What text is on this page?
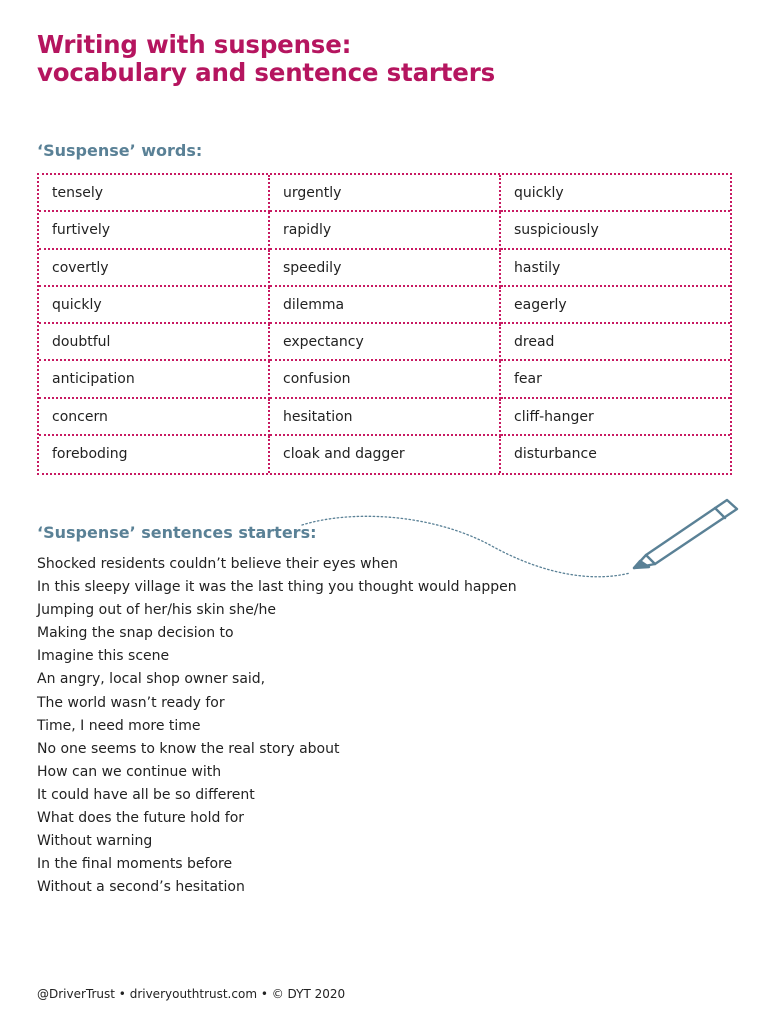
Writing with suspense:
vocabulary and sentence starters
‘Suspense’ words:
tensely	urgently	quickly
furtively	rapidly	suspiciously
covertly	speedily	hastily
quickly	dilemma	eagerly
doubtful	expectancy	dread
anticipation	confusion	fear
concern	hesitation	cliff-hanger
foreboding	cloak and dagger	disturbance
‘Suspense’ sentences starters:
Shocked residents couldn’t believe their eyes when
In this sleepy village it was the last thing you thought would happen
Jumping out of her/his skin she/he
Making the snap decision to
Imagine this scene
An angry, local shop owner said,
The world wasn’t ready for
Time, I need more time
No one seems to know the real story about
How can we continue with
It could have all be so different
What does the future hold for
Without warning
In the final moments before
Without a second’s hesitation
@DriverTrust • driveryouthtrust.com • © DYT 2020
